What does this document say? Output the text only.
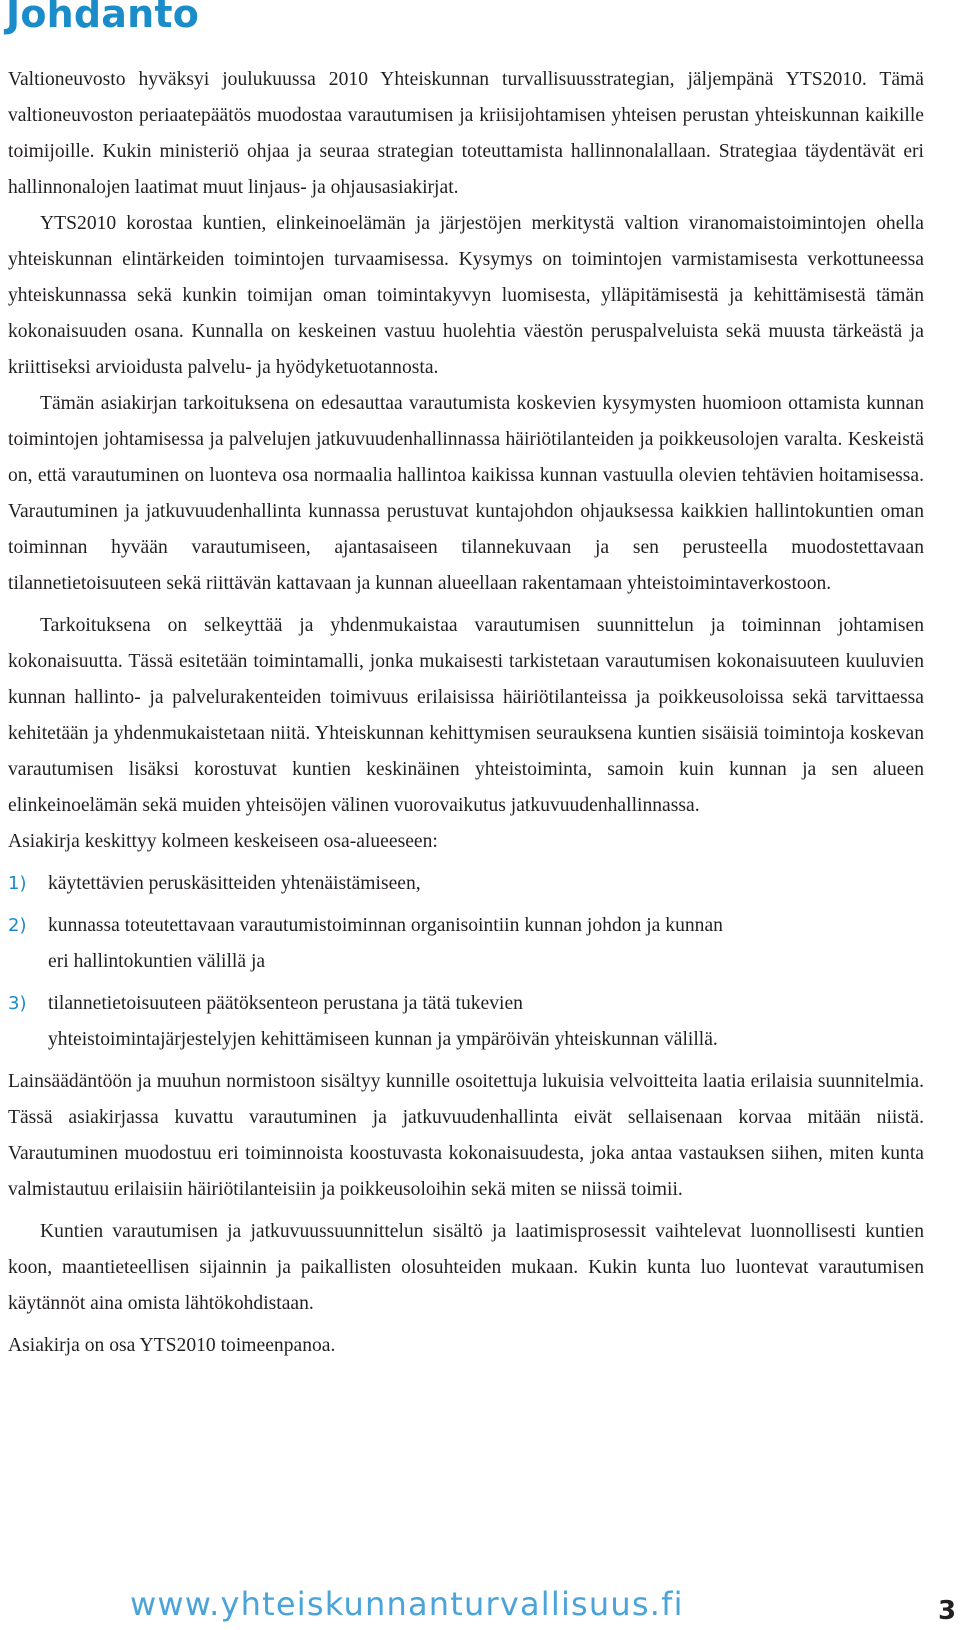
Johdanto

Valtioneuvosto hyväksyi joulukuussa 2010 Yhteiskunnan turvallisuusstrategian, jäljempänä YTS2010. Tämä valtioneuvoston periaatepäätös muodostaa varautumisen ja kriisijohtamisen yhteisen perustan yhteiskunnan kaikille toimijoille. Kukin ministeriö ohjaa ja seuraa strategian toteuttamista hallinnonalallaan. Strategiaa täydentävät eri hallinnonalojen laatimat muut linjaus- ja ohjausasiakirjat.

YTS2010 korostaa kuntien, elinkeinoelämän ja järjestöjen merkitystä valtion viranomaistoimintojen ohella yhteiskunnan elintärkeiden toimintojen turvaamisessa. Kysymys on toimintojen varmistamisesta verkottuneessa yhteiskunnassa sekä kunkin toimijan oman toimintakyvyn luomisesta, ylläpitämisestä ja kehittämisestä tämän kokonaisuuden osana. Kunnalla on keskeinen vastuu huolehtia väestön peruspalveluista sekä muusta tärkeästä ja kriittiseksi arvioidusta palvelu- ja hyödyketuotannosta.

Tämän asiakirjan tarkoituksena on edesauttaa varautumista koskevien kysymysten huomioon ottamista kunnan toimintojen johtamisessa ja palvelujen jatkuvuudenhallinnassa häiriötilanteiden ja poikkeusolojen varalta. Keskeistä on, että varautuminen on luonteva osa normaalia hallintoa kaikissa kunnan vastuulla olevien tehtävien hoitamisessa. Varautuminen ja jatkuvuudenhallinta kunnassa perustuvat kuntajohdon ohjauksessa kaikkien hallintokuntien oman toiminnan hyvään varautumiseen, ajantasaiseen tilannekuvaan ja sen perusteella muodostettavaan tilannetietoisuuteen sekä riittävän kattavaan ja kunnan alueellaan rakentamaan yhteistoimintaverkostoon.

Tarkoituksena on selkeyttää ja yhdenmukaistaa varautumisen suunnittelun ja toiminnan johtamisen kokonaisuutta. Tässä esitetään toimintamalli, jonka mukaisesti tarkistetaan varautumisen kokonaisuuteen kuuluvien kunnan hallinto- ja palvelurakenteiden toimivuus erilaisissa häiriötilanteissa ja poikkeusoloissa sekä tarvittaessa kehitetään ja yhdenmukaistetaan niitä. Yhteiskunnan kehittymisen seurauksena kuntien sisäisiä toimintoja koskevan varautumisen lisäksi korostuvat kuntien keskinäinen yhteistoiminta, samoin kuin kunnan ja sen alueen elinkeinoelämän sekä muiden yhteisöjen välinen vuorovaikutus jatkuvuudenhallinnassa.

Asiakirja keskittyy kolmeen keskeiseen osa-alueeseen:

1) käytettävien peruskäsitteiden yhtenäistämiseen,
2) kunnassa toteutettavaan varautumistoiminnan organisointiin kunnan johdon ja kunnan eri hallintokuntien välillä ja
3) tilannetietoisuuteen päätöksenteon perustana ja tätä tukevien yhteistoimintajärjestelyjen kehittämiseen kunnan ja ympäröivän yhteiskunnan välillä.

Lainsäädäntöön ja muuhun normistoon sisältyy kunnille osoitettuja lukuisia velvoitteita laatia erilaisia suunnitelmia. Tässä asiakirjassa kuvattu varautuminen ja jatkuvuudenhallinta eivät sellaisenaan korvaa mitään niistä. Varautuminen muodostuu eri toiminnoista koostuvasta kokonaisuudesta, joka antaa vastauksen siihen, miten kunta valmistautuu erilaisiin häiriötilanteisiin ja poikkeusoloihin sekä miten se niissä toimii.

Kuntien varautumisen ja jatkuvuussuunnittelun sisältö ja laatimisprosessit vaihtelevat luonnollisesti kuntien koon, maantieteellisen sijainnin ja paikallisten olosuhteiden mukaan. Kukin kunta luo luontevat varautumisen käytännöt aina omista lähtökohdistaan.

Asiakirja on osa YTS2010 toimeenpanoa.

www.yhteiskunnanturvallisuus.fi	3
